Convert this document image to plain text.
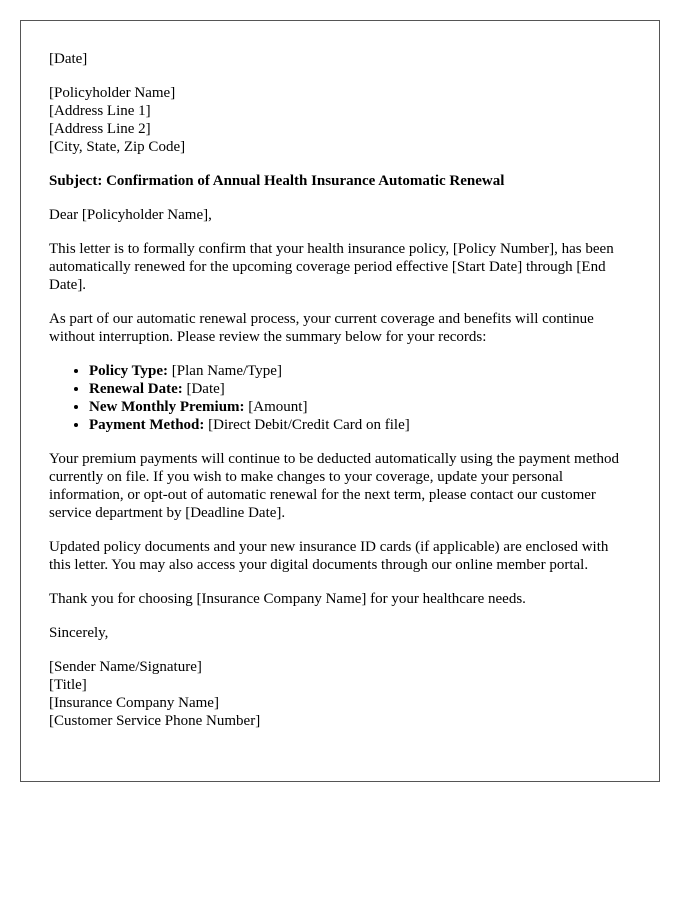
[Date]

[Policyholder Name]
[Address Line 1]
[Address Line 2]
[City, State, Zip Code]

Subject: Confirmation of Annual Health Insurance Automatic Renewal

Dear [Policyholder Name],

This letter is to formally confirm that your health insurance policy, [Policy Number], has been automatically renewed for the upcoming coverage period effective [Start Date] through [End Date].

As part of our automatic renewal process, your current coverage and benefits will continue without interruption. Please review the summary below for your records:

• Policy Type: [Plan Name/Type]
• Renewal Date: [Date]
• New Monthly Premium: [Amount]
• Payment Method: [Direct Debit/Credit Card on file]

Your premium payments will continue to be deducted automatically using the payment method currently on file. If you wish to make changes to your coverage, update your personal information, or opt-out of automatic renewal for the next term, please contact our customer service department by [Deadline Date].

Updated policy documents and your new insurance ID cards (if applicable) are enclosed with this letter. You may also access your digital documents through our online member portal.

Thank you for choosing [Insurance Company Name] for your healthcare needs.

Sincerely,

[Sender Name/Signature]
[Title]
[Insurance Company Name]
[Customer Service Phone Number]
